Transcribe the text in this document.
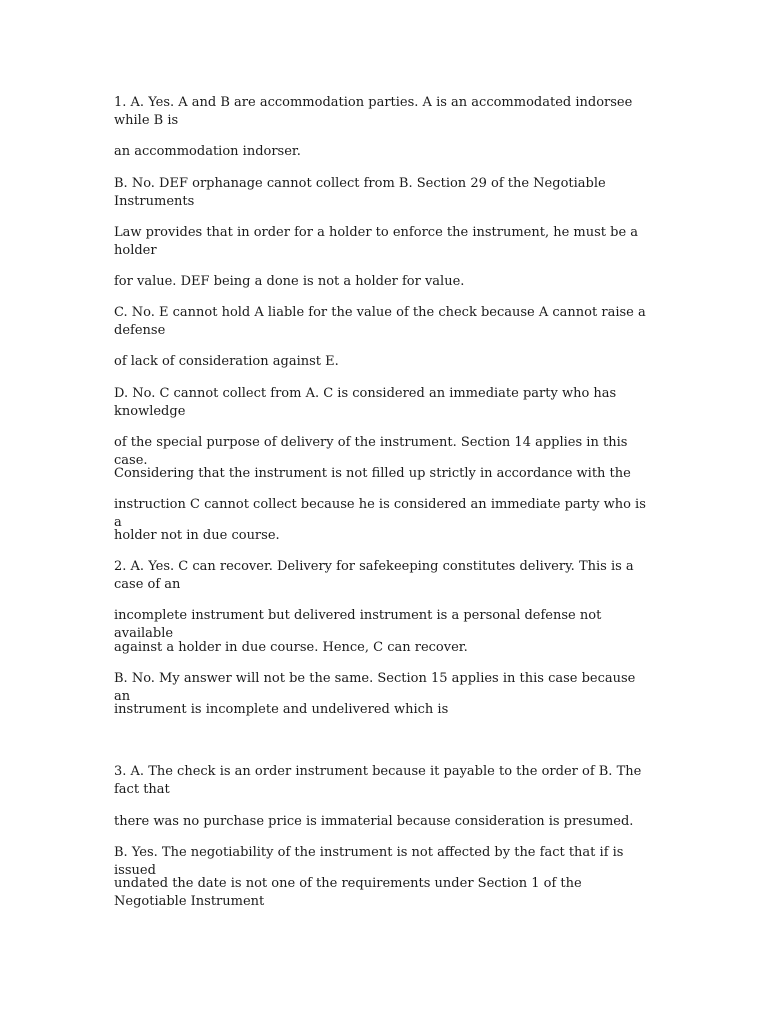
1. A. Yes. A and B are accommodation parties. A is an accommodated indorsee while B is

an accommodation indorser.

B. No. DEF orphanage cannot collect from B. Section 29 of the Negotiable Instruments

Law provides that in order for a holder to enforce the instrument, he must be a holder

for value. DEF being a done is not a holder for value.

C. No. E cannot hold A liable for the value of the check because A cannot raise a defense

of lack of consideration against E.

D. No. C cannot collect from A. C is considered an immediate party who has knowledge

of the special purpose of delivery of the instrument. Section 14 applies in this case.

Considering that the instrument is not filled up strictly in accordance with the

instruction C cannot collect because he is considered an immediate party who is a

holder not in due course.

2. A. Yes. C can recover. Delivery for safekeeping constitutes delivery. This is a case of an

incomplete instrument but delivered instrument is a personal defense not available

against a holder in due course. Hence, C can recover.

B. No. My answer will not be the same. Section 15 applies in this case because an

instrument is incomplete and undelivered which is

3. A. The check is an order instrument because it payable to the order of B. The fact that

there was no purchase price is immaterial because consideration is presumed.

B. Yes. The negotiability of the instrument is not affected by the fact that if is issued

undated the date is not one of the requirements under Section 1 of the Negotiable Instrument
